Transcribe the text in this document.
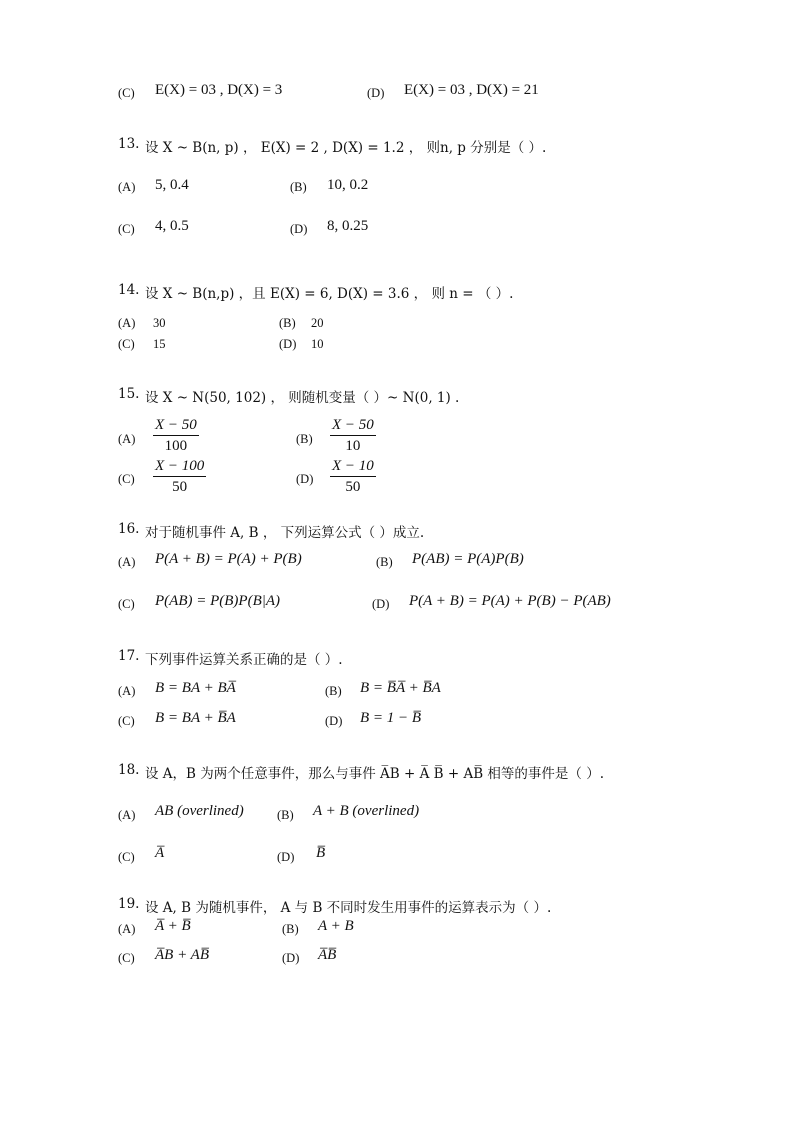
(C) E(X) = 03 , D(X) = 3	(D) E(X) = 03 , D(X) = 21
13. 设 X ~ B(n, p) ， E(X) = 2 , D(X) = 1.2 ， 则n, p 分别是（ ）.
(A) 5, 0.4	(B) 10, 0.2
(C) 4, 0.5	(D) 8, 0.25
14. 设 X ~ B(n,p) ，且 E(X) = 6, D(X) = 3.6 ， 则 n = （ ）.
(A) 30	(B) 20
(C) 15	(D) 10
15. 设 X ~ N(50, 102) ， 则随机变量（ ）~ N(0, 1) .
$(A) \frac{X - 50}{100}$	$(B) \frac{X - 50}{10}$
$(C) \frac{X - 100}{50}$	$(D) \frac{X - 10}{50}$
16. 对于随机事件 A, B ， 下列运算公式（ ）成立.
(A) P(A + B) = P(A) + P(B)	(B) P(AB) = P(A)P(B)
(C) P(AB) = P(B)P(B|A)	(D) P(A + B) = P(A) + P(B) − P(AB)
17. 下列事件运算关系正确的是（ ）.
(A) B = BA + BA̅	(B) B = B̅A̅ + B̅A
(C) B = BA + B̅A	(D) B = 1 − B̅
18. 设 A，B 为两个任意事件，那么与事件 A̅B + A̅ B̅ + AB̅ 相等的事件是（ ）.
(A) AB (overlined)	(B) A + B (overlined)
(C) A̅	(D) B̅
19. 设 A, B 为随机事件， A 与 B 不同时发生用事件的运算表示为（ ）.
(A) A̅ + B̅	(B) A + B
(C) A̅B + AB̅	(D) A̅B̅
